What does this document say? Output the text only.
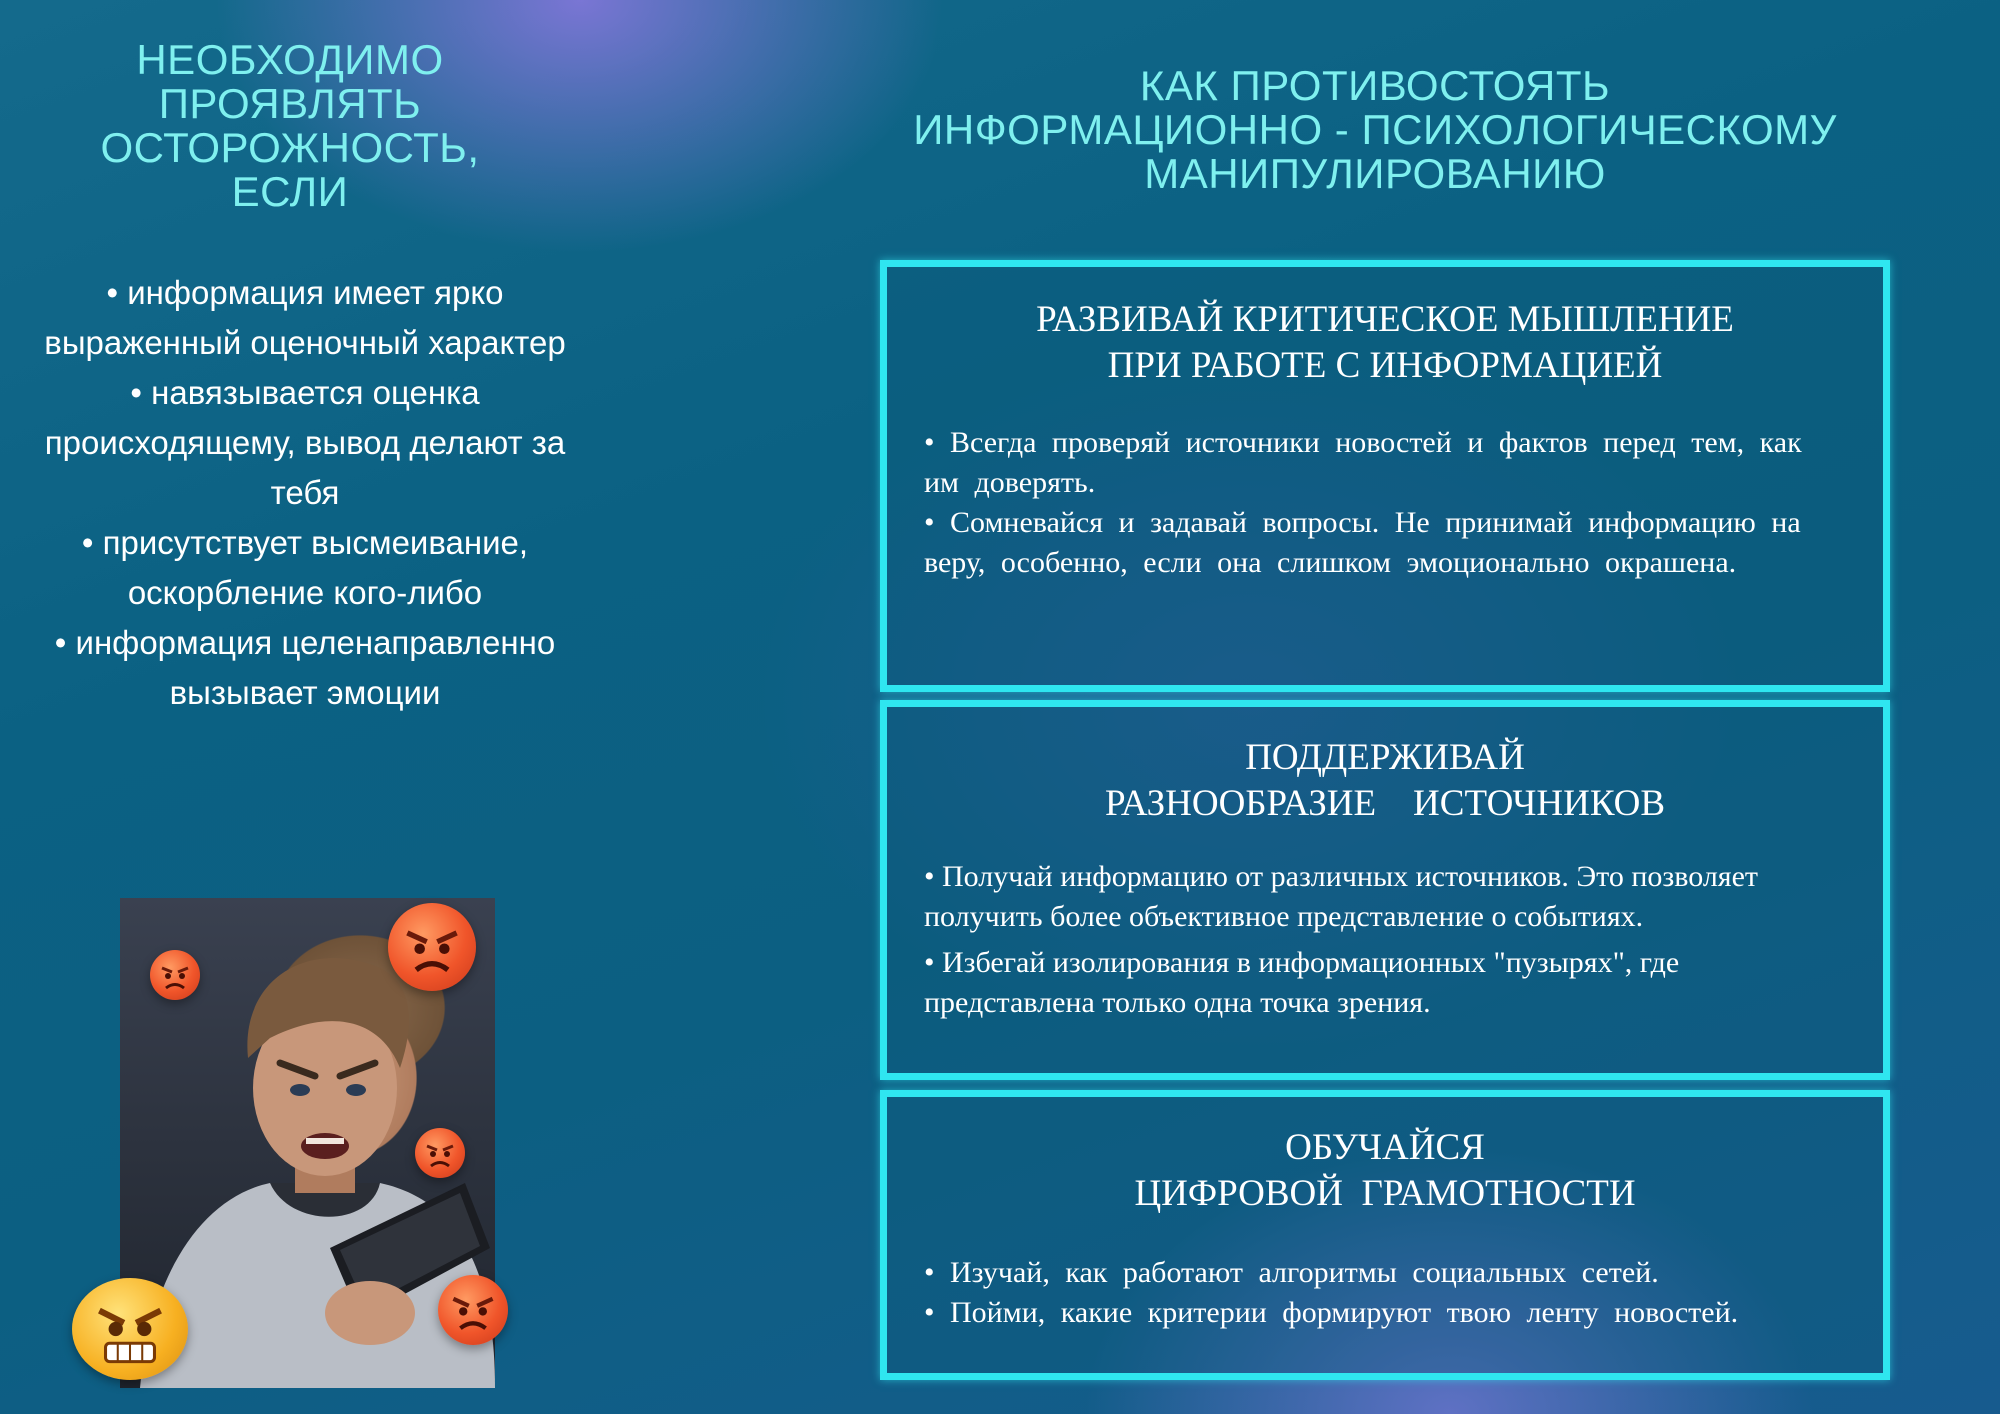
НЕОБХОДИМО
ПРОЯВЛЯТЬ
ОСТОРОЖНОСТЬ,
ЕСЛИ
• информация имеет ярко выраженный оценочный характер
• навязывается оценка происходящему, вывод делают за тебя
• присутствует высмеивание, оскорбление кого-либо
• информация целенаправленно вызывает эмоции
КАК ПРОТИВОСТОЯТЬ
ИНФОРМАЦИОННО - ПСИХОЛОГИЧЕСКОМУ
МАНИПУЛИРОВАНИЮ
РАЗВИВАЙ КРИТИЧЕСКОЕ МЫШЛЕНИЕ
ПРИ РАБОТЕ С ИНФОРМАЦИЕЙ
• Всегда проверяй источники новостей и фактов перед тем, как им доверять.
• Сомневайся и задавай вопросы. Не принимай информацию на веру, особенно, если она слишком эмоционально окрашена.
ПОДДЕРЖИВАЙ
РАЗНООБРАЗИЕ    ИСТОЧНИКОВ
• Получай информацию от различных источников. Это позволяет получить более объективное представление о событиях.
• Избегай изолирования в информационных "пузырях", где представлена только одна точка зрения.
ОБУЧАЙСЯ
ЦИФРОВОЙ  ГРАМОТНОСТИ
• Изучай, как работают алгоритмы социальных сетей.
• Пойми, какие критерии формируют твою ленту новостей.
